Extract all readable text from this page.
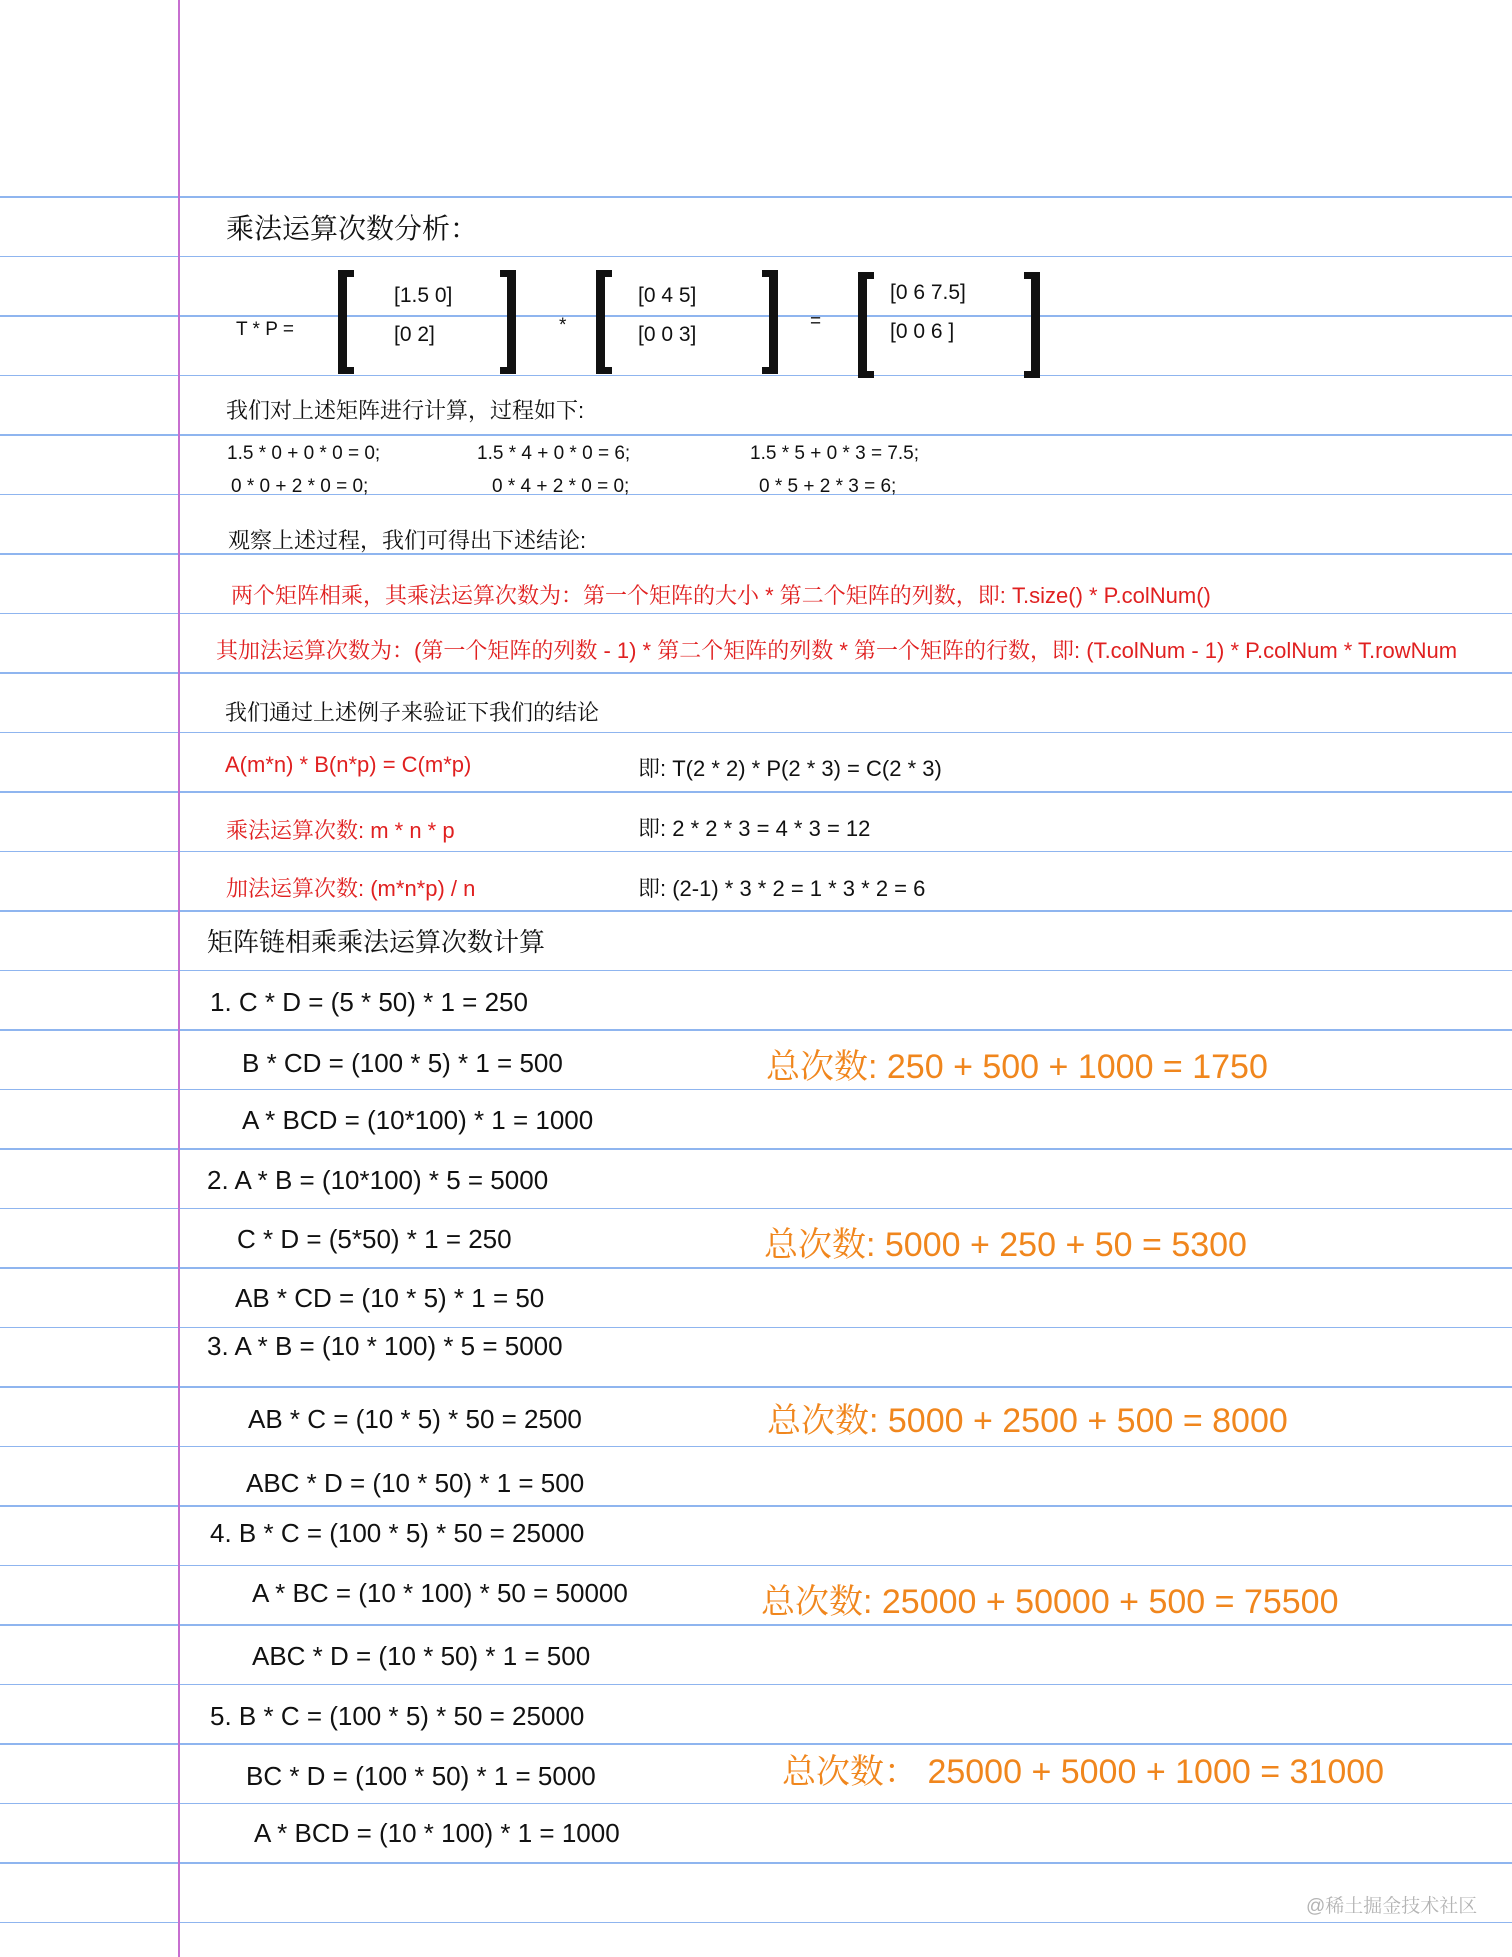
乘法运算次数分析：
T * P =
[1.5 0]
[0 2]	*
[0 4 5]
[0 0 3]
=
[0 6 7.5]
[0 0 6 ]
我们对上述矩阵进行计算，过程如下:
1.5 * 0 + 0 * 0 = 0;	1.5 * 4 + 0 * 0 = 6;	1.5 * 5 + 0 * 3 = 7.5;
0 * 0 + 2 * 0 = 0;	0 * 4 + 2 * 0 = 0;	0 * 5 + 2 * 3 = 6;
观察上述过程，我们可得出下述结论:
两个矩阵相乘，其乘法运算次数为：第一个矩阵的大小 * 第二个矩阵的列数，即: T.size() * P.colNum()
其加法运算次数为：(第一个矩阵的列数 - 1) * 第二个矩阵的列数 * 第一个矩阵的行数，即: (T.colNum - 1) * P.colNum * T.rowNum
我们通过上述例子来验证下我们的结论
A(m*n) * B(n*p) = C(m*p)	即: T(2 * 2) * P(2 * 3) = C(2 * 3)
乘法运算次数: m * n * p	即: 2 * 2 * 3 = 4 * 3 = 12
加法运算次数: (m*n*p) / n	即: (2-1) * 3 * 2 = 1 * 3 * 2 = 6
矩阵链相乘乘法运算次数计算
1. C * D = (5 * 50) * 1 = 250
B * CD = (100 * 5) * 1 = 500
A * BCD = (10*100) * 1 = 1000
总次数: 250 + 500 + 1000 = 1750
2. A * B = (10*100) * 5 = 5000
C * D = (5*50) * 1 = 250
AB * CD = (10 * 5) * 1 = 50
总次数: 5000 + 250 + 50 = 5300
3. A * B = (10 * 100) * 5 = 5000
AB * C = (10 * 5) * 50 = 2500
ABC * D = (10 * 50) * 1 = 500
总次数: 5000 + 2500 + 500 = 8000
4. B * C = (100 * 5) * 50 = 25000
A * BC = (10 * 100) * 50 = 50000
ABC * D = (10 * 50) * 1 = 500
总次数: 25000 + 50000 + 500 = 75500
5. B * C = (100 * 5) * 50 = 25000
BC * D = (100 * 50) * 1 = 5000
A * BCD = (10 * 100) * 1 = 1000
总次数： 25000 + 5000 + 1000 = 31000
@稀土掘金技术社区
